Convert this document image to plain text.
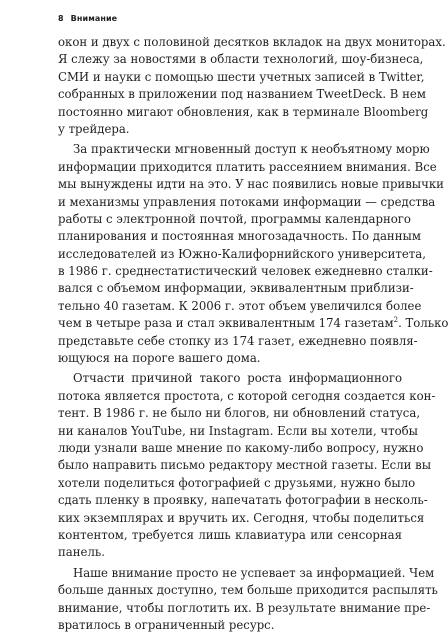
8 Внимание
окон и двух с половиной десятков вкладок на двух мониторах.
Я слежу за новостями в области технологий, шоу-бизнеса,
СМИ и науки с помощью шести учетных записей в Twitter,
собранных в приложении под названием TweetDeck. В нем
постоянно мигают обновления, как в терминале Bloomberg
у трейдера.
За практически мгновенный доступ к необъятному морю
информации приходится платить рассеянием внимания. Все
мы вынуждены идти на это. У нас появились новые привычки
и механизмы управления потоками информации — средства
работы с электронной почтой, программы календарного
планирования и постоянная многозадачность. По данным
исследователей из Южно-Калифорнийского университета,
в 1986 г. среднестатистический человек ежедневно сталки-
вался с объемом информации, эквивалентным приблизи-
тельно 40 газетам. К 2006 г. этот объем увеличился более
чем в четыре раза и стал эквивалентным 174 газетам$^2$. Только
представьте себе стопку из 174 газет, ежедневно появля-
ющуюся на пороге вашего дома.
Отчасти причиной такого роста информационного
потока является простота, с которой сегодня создается кон-
тент. В 1986 г. не было ни блогов, ни обновлений статуса,
ни каналов YouTube, ни Instagram. Если вы хотели, чтобы
люди узнали ваше мнение по какому-либо вопросу, нужно
было направить письмо редактору местной газеты. Если вы
хотели поделиться фотографией с друзьями, нужно было
сдать пленку в проявку, напечатать фотографии в несколь-
ких экземплярах и вручить их. Сегодня, чтобы поделиться
контентом, требуется лишь клавиатура или сенсорная
панель.
Наше внимание просто не успевает за информацией. Чем
больше данных доступно, тем больше приходится распылять
внимание, чтобы поглотить их. В результате внимание пре-
вратилось в ограниченный ресурс.
